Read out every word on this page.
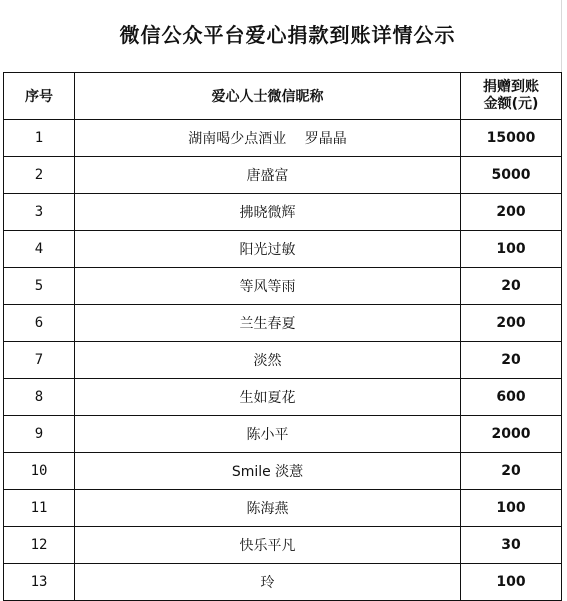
微信公众平台爱心捐款到账详情公示
序号	爱心人士微信昵称	捐赠到账
金额(元)

1	湖南喝少点酒业　 罗晶晶	15000
2	唐盛富	5000
3	拂晓微辉	200
4	阳光过敏	100
5	等风等雨	20
6	兰生春夏	200
7	淡然	20
8	生如夏花	600
9	陈小平	2000
10	Smile 淡薏	20
11	陈海燕	100
12	快乐平凡	30
13	玲	100
